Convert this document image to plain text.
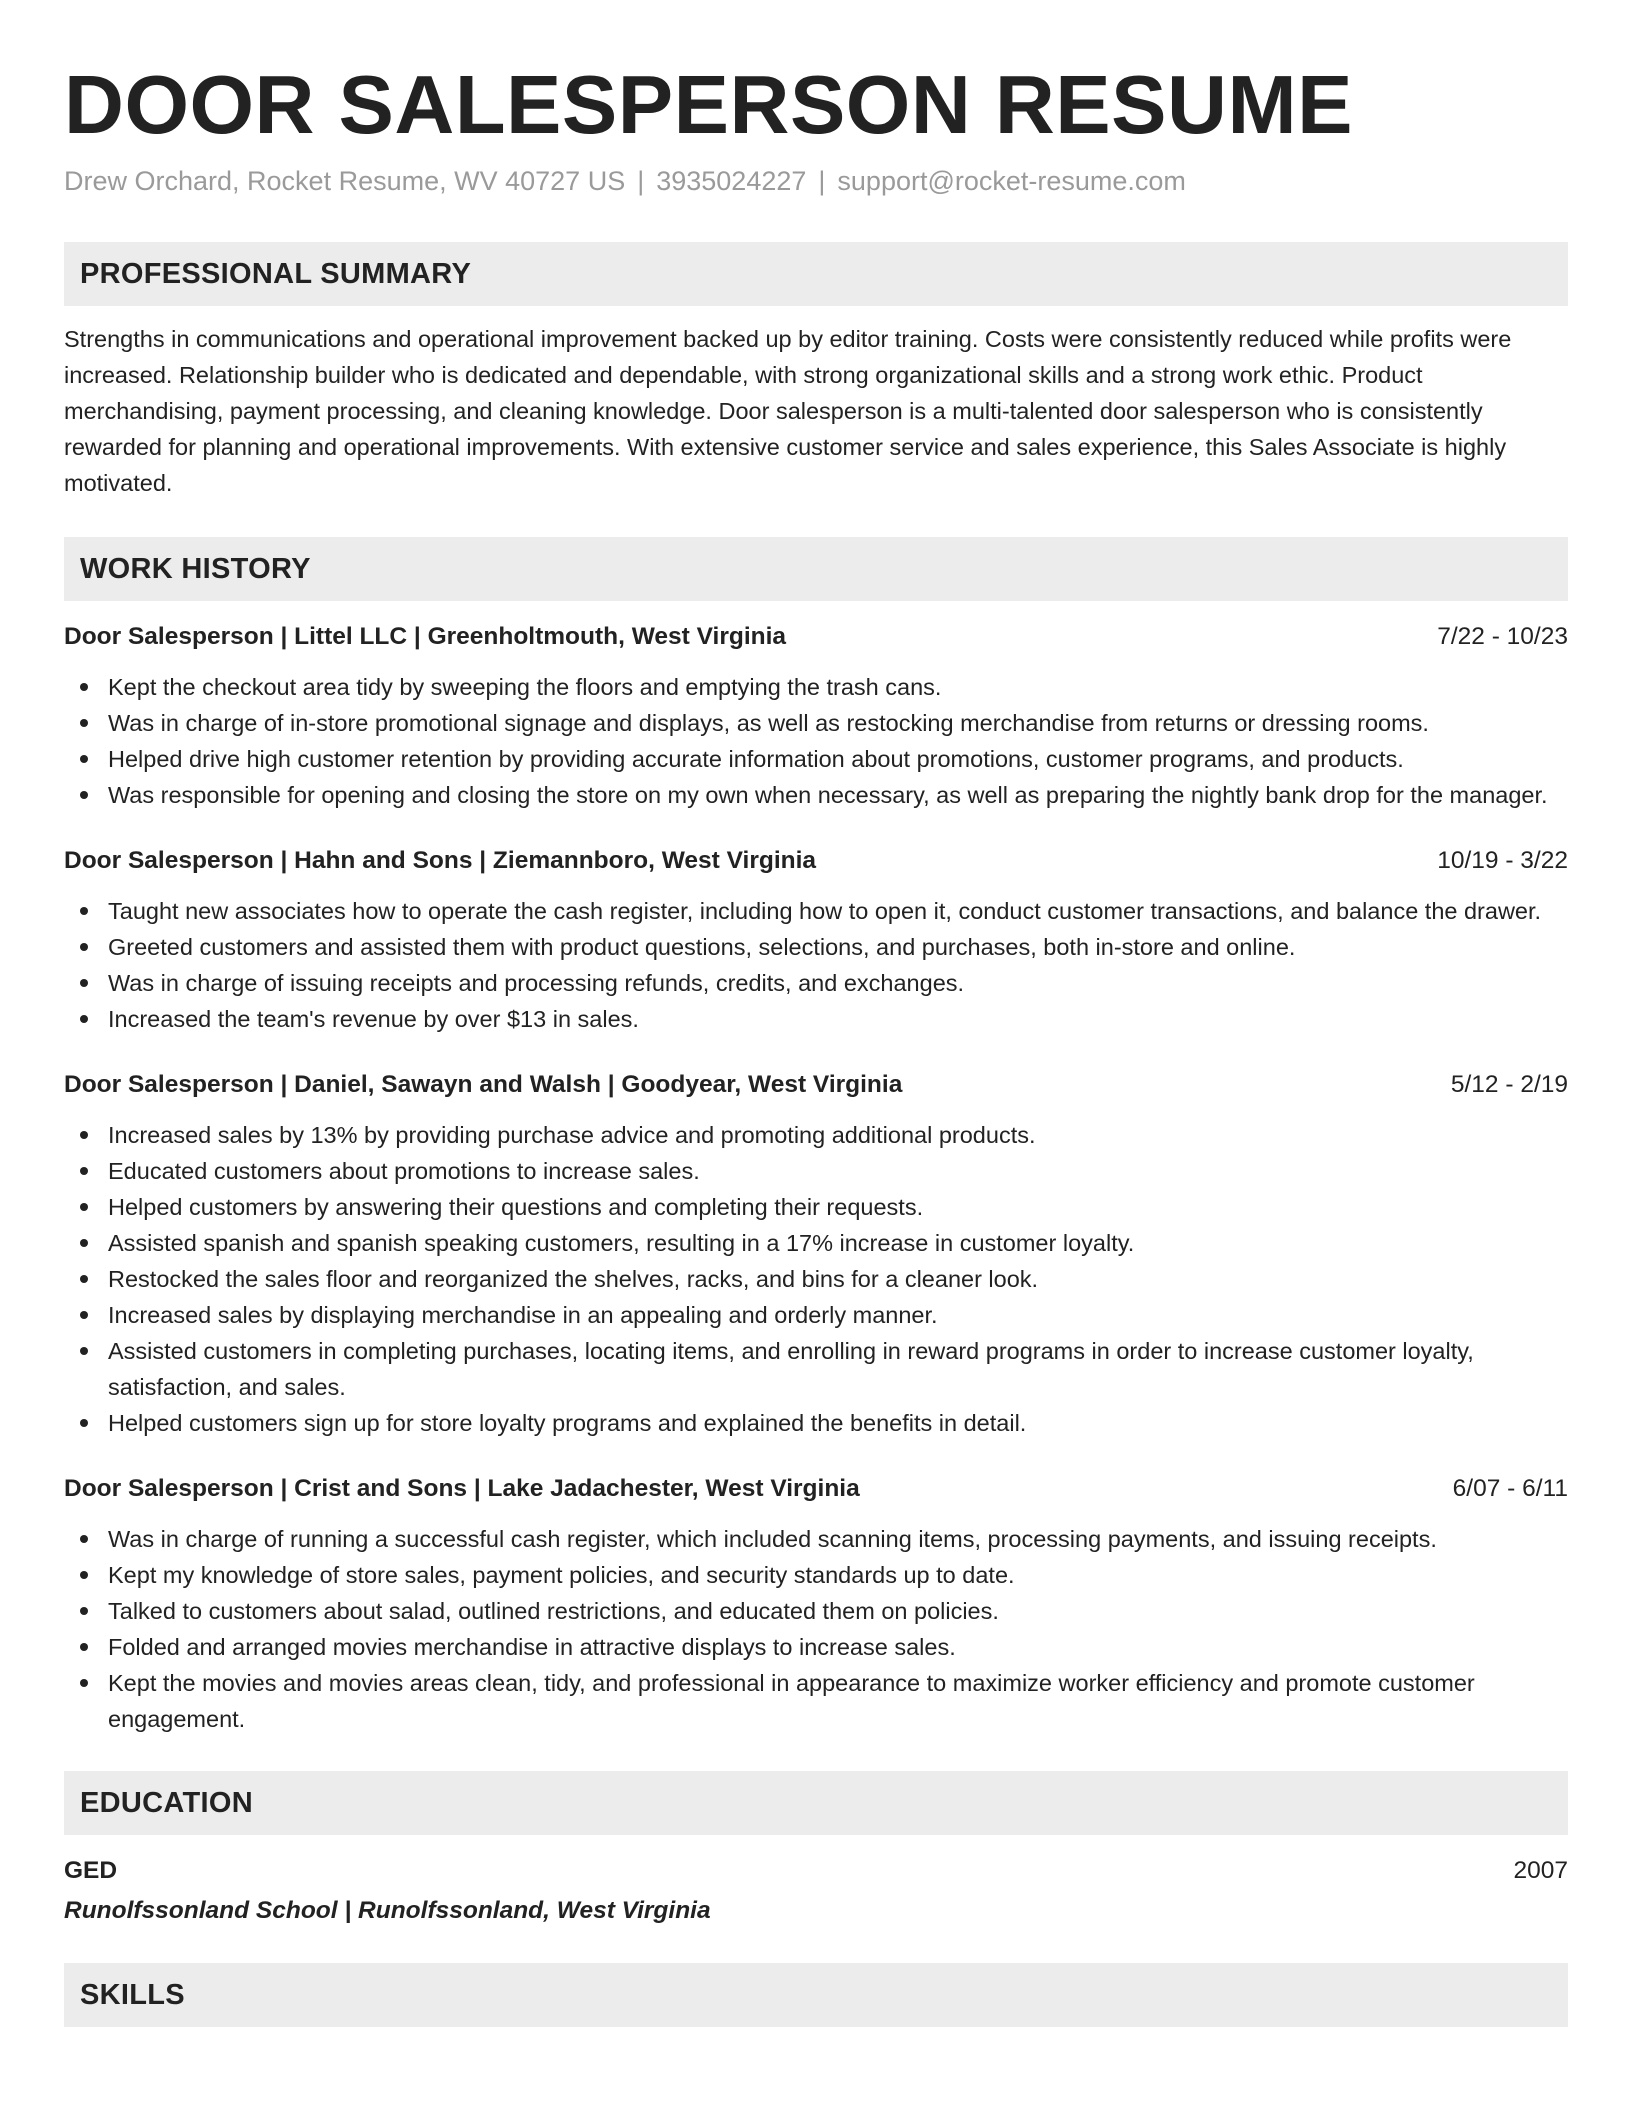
DOOR SALESPERSON RESUME
Drew Orchard, Rocket Resume, WV 40727 US | 3935024227 | support@rocket-resume.com
PROFESSIONAL SUMMARY
Strengths in communications and operational improvement backed up by editor training. Costs were consistently reduced while profits were increased. Relationship builder who is dedicated and dependable, with strong organizational skills and a strong work ethic. Product merchandising, payment processing, and cleaning knowledge. Door salesperson is a multi-talented door salesperson who is consistently rewarded for planning and operational improvements. With extensive customer service and sales experience, this Sales Associate is highly motivated.
WORK HISTORY
Door Salesperson | Littel LLC | Greenholtmouth, West Virginia	7/22 - 10/23
Kept the checkout area tidy by sweeping the floors and emptying the trash cans.
Was in charge of in-store promotional signage and displays, as well as restocking merchandise from returns or dressing rooms.
Helped drive high customer retention by providing accurate information about promotions, customer programs, and products.
Was responsible for opening and closing the store on my own when necessary, as well as preparing the nightly bank drop for the manager.
Door Salesperson | Hahn and Sons | Ziemannboro, West Virginia	10/19 - 3/22
Taught new associates how to operate the cash register, including how to open it, conduct customer transactions, and balance the drawer.
Greeted customers and assisted them with product questions, selections, and purchases, both in-store and online.
Was in charge of issuing receipts and processing refunds, credits, and exchanges.
Increased the team's revenue by over $13 in sales.
Door Salesperson | Daniel, Sawayn and Walsh | Goodyear, West Virginia	5/12 - 2/19
Increased sales by 13% by providing purchase advice and promoting additional products.
Educated customers about promotions to increase sales.
Helped customers by answering their questions and completing their requests.
Assisted spanish and spanish speaking customers, resulting in a 17% increase in customer loyalty.
Restocked the sales floor and reorganized the shelves, racks, and bins for a cleaner look.
Increased sales by displaying merchandise in an appealing and orderly manner.
Assisted customers in completing purchases, locating items, and enrolling in reward programs in order to increase customer loyalty, satisfaction, and sales.
Helped customers sign up for store loyalty programs and explained the benefits in detail.
Door Salesperson | Crist and Sons | Lake Jadachester, West Virginia	6/07 - 6/11
Was in charge of running a successful cash register, which included scanning items, processing payments, and issuing receipts.
Kept my knowledge of store sales, payment policies, and security standards up to date.
Talked to customers about salad, outlined restrictions, and educated them on policies.
Folded and arranged movies merchandise in attractive displays to increase sales.
Kept the movies and movies areas clean, tidy, and professional in appearance to maximize worker efficiency and promote customer engagement.
EDUCATION
GED	2007
Runolfssonland School | Runolfssonland, West Virginia
SKILLS
